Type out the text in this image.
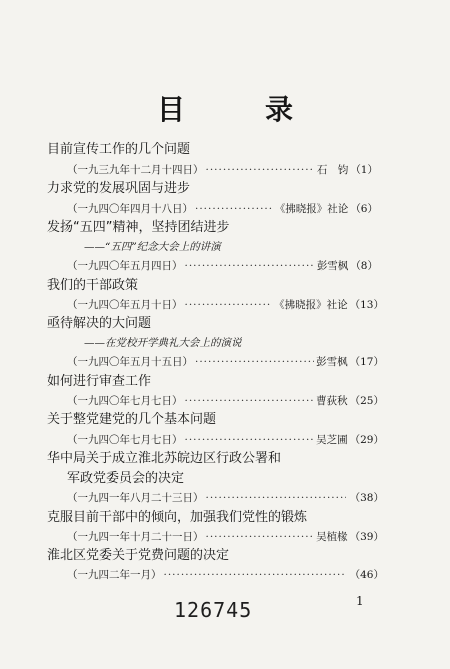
目	录
目前宣传工作的几个问题
（一九三九年十二月十四日） ·····	石　钧 （1）
力求党的发展巩固与进步
（一九四〇年四月十八日） ·····	《拂晓报》社论 （6）
发扬“五四”精神，坚持团结进步
——“五四”纪念大会上的讲演
（一九四〇年五月四日） ·····	彭雪枫 （8）
我们的干部政策
（一九四〇年五月十日） ·····	《拂晓报》社论 （13）
亟待解决的大问题
——在党校开学典礼大会上的演说
（一九四〇年五月十五日） ·····	彭雪枫 （17）
如何进行审查工作
（一九四〇年七月七日） ·····	曹荻秋 （25）
关于整党建党的几个基本问题
（一九四〇年七月七日） ·····	吴芝圃 （29）
华中局关于成立淮北苏皖边区行政公署和
军政党委员会的决定
（一九四一年八月二十三日） ·····	（38）
克服目前干部中的倾向，加强我们党性的锻炼
（一九四一年十月二十一日） ·····	吴植椽 （39）
淮北区党委关于党费问题的决定
（一九四二年一月） ·····	（46）
1
126745
